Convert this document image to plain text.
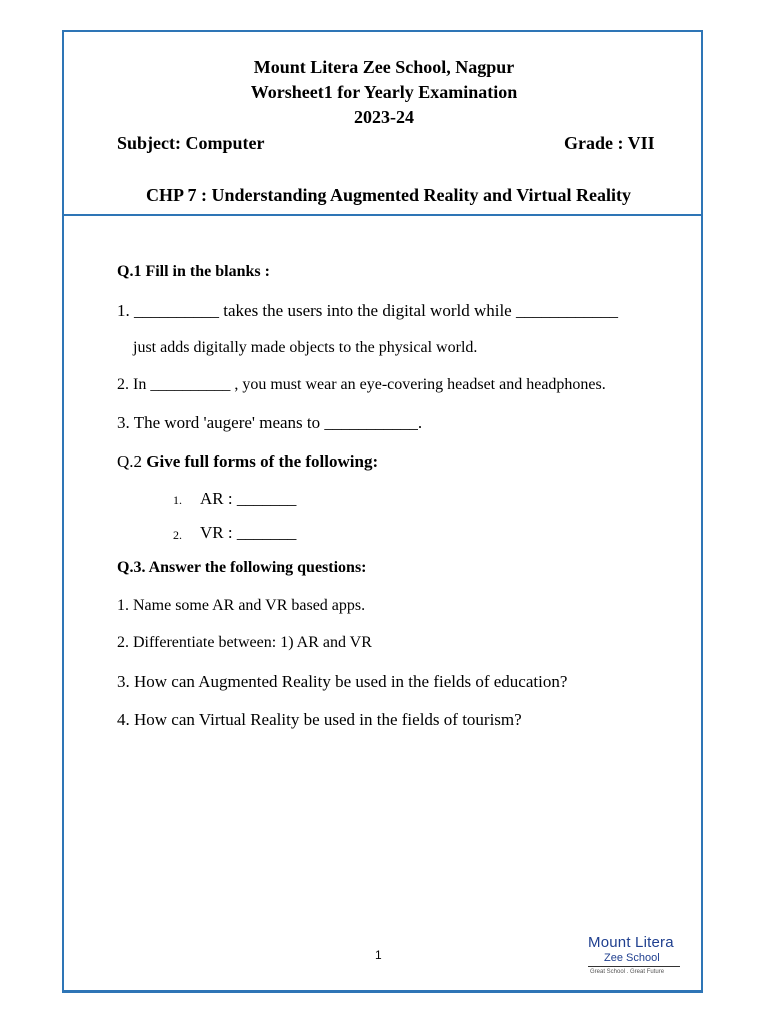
Mount Litera Zee School, Nagpur
Worsheet1 for Yearly Examination
2023-24
Subject: Computer	Grade : VII
CHP 7 : Understanding Augmented Reality and Virtual Reality
Q.1 Fill in the blanks :
1. __________ takes the users into the digital world while ____________
just adds digitally made objects to the physical world.
2. In __________ , you must wear an eye-covering headset and headphones.
3. The word 'augere' means to ___________.
Q.2 Give full forms of the following:
1. AR : _______
2. VR : _______
Q.3. Answer the following questions:
1. Name some AR and VR based apps.
2. Differentiate between: 1) AR and VR
3. How can Augmented Reality be used in the fields of education?
4. How can Virtual Reality be used in the fields of tourism?
1
Mount Litera
Zee School
Great School . Great Future
